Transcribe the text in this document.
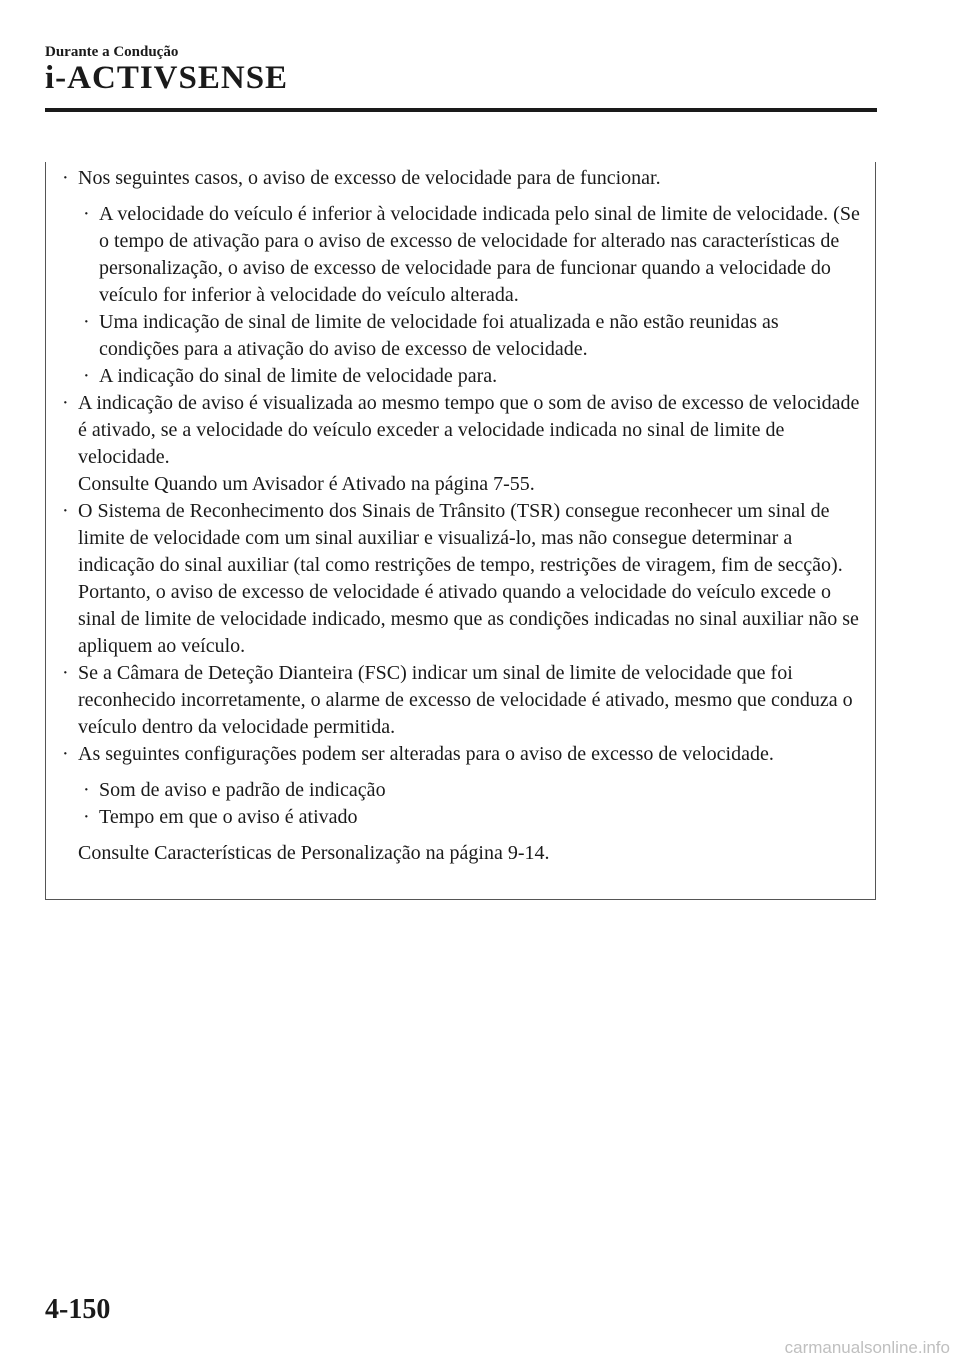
Durante a Condução
i-ACTIVSENSE
· Nos seguintes casos, o aviso de excesso de velocidade para de funcionar.
· A velocidade do veículo é inferior à velocidade indicada pelo sinal de limite de velocidade. (Se o tempo de ativação para o aviso de excesso de velocidade for alterado nas características de personalização, o aviso de excesso de velocidade para de funcionar quando a velocidade do veículo for inferior à velocidade do veículo alterada.
· Uma indicação de sinal de limite de velocidade foi atualizada e não estão reunidas as condições para a ativação do aviso de excesso de velocidade.
· A indicação do sinal de limite de velocidade para.
· A indicação de aviso é visualizada ao mesmo tempo que o som de aviso de excesso de velocidade é ativado, se a velocidade do veículo exceder a velocidade indicada no sinal de limite de velocidade.
Consulte Quando um Avisador é Ativado na página 7-55.
· O Sistema de Reconhecimento dos Sinais de Trânsito (TSR) consegue reconhecer um sinal de limite de velocidade com um sinal auxiliar e visualizá-lo, mas não consegue determinar a indicação do sinal auxiliar (tal como restrições de tempo, restrições de viragem, fim de secção). Portanto, o aviso de excesso de velocidade é ativado quando a velocidade do veículo excede o sinal de limite de velocidade indicado, mesmo que as condições indicadas no sinal auxiliar não se apliquem ao veículo.
· Se a Câmara de Deteção Dianteira (FSC) indicar um sinal de limite de velocidade que foi reconhecido incorretamente, o alarme de excesso de velocidade é ativado, mesmo que conduza o veículo dentro da velocidade permitida.
· As seguintes configurações podem ser alteradas para o aviso de excesso de velocidade.
· Som de aviso e padrão de indicação
· Tempo em que o aviso é ativado
Consulte Características de Personalização na página 9-14.
4-150
carmanualsonline.info
